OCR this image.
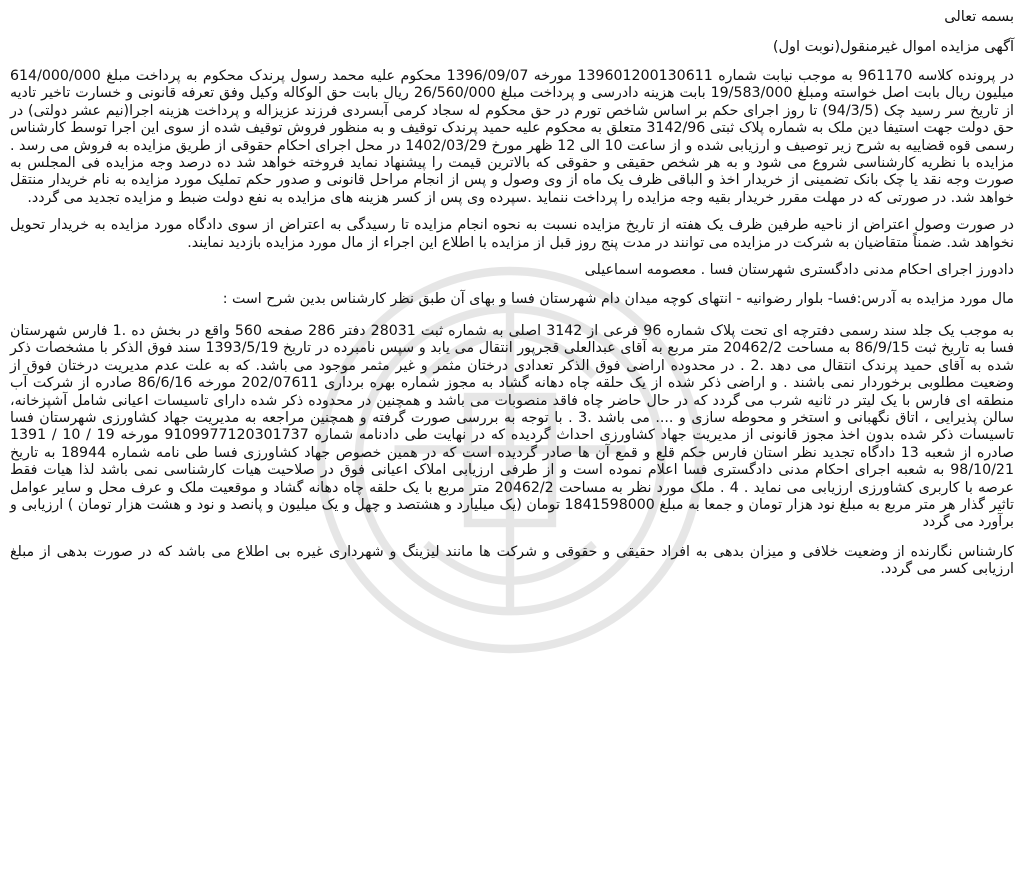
بسمه تعالی

آگهی مزایده اموال غیرمنقول(نوبت اول)

در پرونده کلاسه 961170 به موجب نیابت شماره 139601200130611 مورخه 1396/09/07 محکوم علیه محمد رسول پرندک محکوم به پرداخت مبلغ 614/000/000 میلیون ریال بابت اصل خواسته ومبلغ 19/583/000 بابت هزینه دادرسی و پرداخت مبلغ 26/560/000 ریال بابت حق الوکاله وکیل وفق تعرفه قانونی و خسارت تاخیر تادیه از تاریخ سر رسید چک (94/3/5) تا روز اجرای حکم بر اساس شاخص تورم در حق محکوم له سجاد کرمی آبسردی فرزند عزیزاله و پرداخت هزینه اجرا(نیم عشر دولتی) در حق دولت جهت استیفا دین ملک به شماره پلاک ثبتی 3142/96 متعلق به محکوم علیه حمید پرندک توقیف و به منظور فروش توقیف شده از سوی این اجرا توسط کارشناس رسمی قوه قضاییه به شرح زیر توصیف و ارزیابی شده و از ساعت 10 الی 12 ظهر مورخ 1402/03/29 در محل اجرای احکام حقوقی از طریق مزایده به فروش می رسد . مزایده با نظریه کارشناسی شروع می شود و به هر شخص حقیقی و حقوقی که بالاترین قیمت را پیشنهاد نماید فروخته خواهد شد ده درصد وجه مزایده فی المجلس به صورت وجه نقد یا چک بانک تضمینی از خریدار اخذ و الباقی ظرف یک ماه از وی وصول و پس از انجام مراحل قانونی و صدور حکم تملیک مورد مزایده به نام خریدار منتقل خواهد شد. در صورتی که در مهلت مقرر خریدار بقیه وجه مزایده را پرداخت ننماید .سپرده وی پس از کسر هزینه های مزایده به نفع دولت ضبط و مزایده تجدید می گردد.

در صورت وصول اعتراض از ناحیه طرفین ظرف یک هفته از تاریخ مزایده نسبت به نحوه انجام مزایده تا رسیدگی به اعتراض از سوی دادگاه مورد مزایده به خریدار تحویل نخواهد شد. ضمناً متقاضیان به شرکت در مزایده می توانند در مدت پنج روز قبل از مزایده با اطلاع این اجراء از مال مورد مزایده بازدید نمایند.

دادورز اجرای احکام مدنی دادگستری شهرستان فسا . معصومه اسماعیلی

مال مورد مزایده به آدرس:فسا- بلوار رضوانیه - انتهای کوچه میدان دام شهرستان فسا و بهای آن طبق نظر کارشناس بدین شرح است :

به موجب یک جلد سند رسمی دفترچه ای تحت پلاک شماره 96 فرعی از 3142 اصلی به شماره ثبت 28031 دفتر 286 صفحه 560 واقع در بخش ده .1 فارس شهرستان فسا به تاریخ ثبت 86/9/15 به مساحت 20462/2 متر مربع به آقای عبدالعلی قجرپور انتقال می یابد و سپس نامبرده در تاریخ 1393/5/19 سند فوق الذکر با مشخصات ذکر شده به آقای حمید پرندک انتقال می دهد .2 . در محدوده اراضی فوق الذکر تعدادی درختان مثمر و غیر مثمر موجود می باشد. که به علت عدم مدیریت درختان فوق از وضعیت مطلوبی برخوردار نمی باشند . و اراضی ذکر شده از یک حلقه چاه دهانه گشاد به مجوز شماره بهره برداری 202/07611 مورخه 86/6/16 صادره از شرکت آب منطقه ای فارس با یک لیتر در ثانیه شرب می گردد که در حال حاضر چاه فاقد منصوبات می باشد و همچنین در محدوده ذکر شده دارای تاسیسات اعیانی شامل آشپزخانه، سالن پذیرایی ، اتاق نگهبانی و استخر و محوطه سازی و .... می باشد .3 . با توجه به بررسی صورت گرفته و همچنین مراجعه به مدیریت جهاد کشاورزی شهرستان فسا تاسیسات ذکر شده بدون اخذ مجوز قانونی از مدیریت جهاد کشاورزی احداث گردیده که در نهایت طی دادنامه شماره 9109977120301737 مورخه 19 / 10 / 1391 صادره از شعبه 13 دادگاه تجدید نظر استان فارس حکم قلع و قمع آن ها صادر گردیده است که در همین خصوص جهاد کشاورزی فسا طی نامه شماره 18944 به تاریخ 98/10/21 به شعبه اجرای احکام مدنی دادگستری فسا اعلام نموده است و از طرفی ارزیابی املاک اعیانی فوق در صلاحیت هیات کارشناسی نمی باشد لذا هیات فقط عرصه با کاربری کشاورزی ارزیابی می نماید . 4 . ملک مورد نظر به مساحت 20462/2 متر مربع با یک حلقه چاه دهانه گشاد و موقعیت ملک و عرف محل و سایر عوامل تاثیر گذار هر متر مربع به مبلغ نود هزار تومان و جمعا به مبلغ 1841598000 تومان (یک میلیارد و هشتصد و چهل و یک میلیون و پانصد و نود و هشت هزار تومان ) ارزیابی و برآورد می گردد

کارشناس نگارنده از وضعیت خلافی و میزان بدهی به افراد حقیقی و حقوقی و شرکت ها مانند لیزینگ و شهرداری غیره بی اطلاع می باشد که در صورت بدهی از مبلغ ارزیابی کسر می گردد.
